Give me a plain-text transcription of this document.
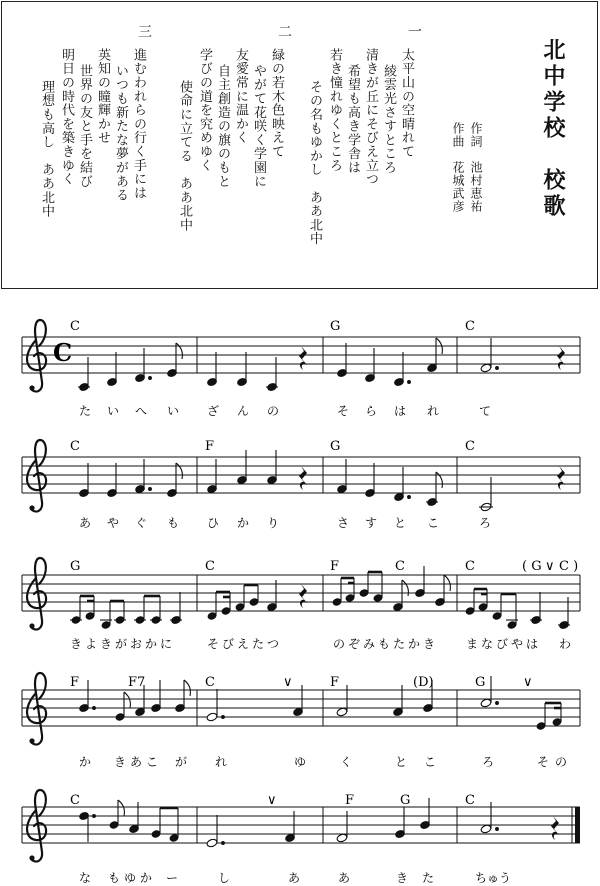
北中学校　校歌
作詞　池村恵祐
作曲　花城武彦
一
太平山の空晴れて
綾雲光さすところ
清きが丘にそびえ立つ
希望も高き学舎は
若き憧れゆくところ
その名もゆかし　ああ北中
二
緑の若木色映えて
やがて花咲く学園に
友愛常に温かく
自主創造の旗のもと
学びの道を究めゆく
使命に立てる　ああ北中
三
進むわれらの行く手には
いつも新たな夢がある
英知の瞳輝かせ
世界の友と手を結び
明日の時代を築きゆく
理想も高し　ああ北中
C
C	G	C
た い へ い ざ ん の	そ ら は れ	て
C	F	G	C
あ や ぐ も ひ か り	さ す と こ	ろ
G	C	F	C	C	( G ∨ C )
きよきがおかに	そびえたつ	のぞみもたかき まなびやは わ
F	F7	C	∨	F	(D)	G	∨
か きあこ が れ	ゆ	く	と こ	ろ	そ の
C	∨	F	G	C
な もゆか ー	し	あ	あ	き た	ちゅう
